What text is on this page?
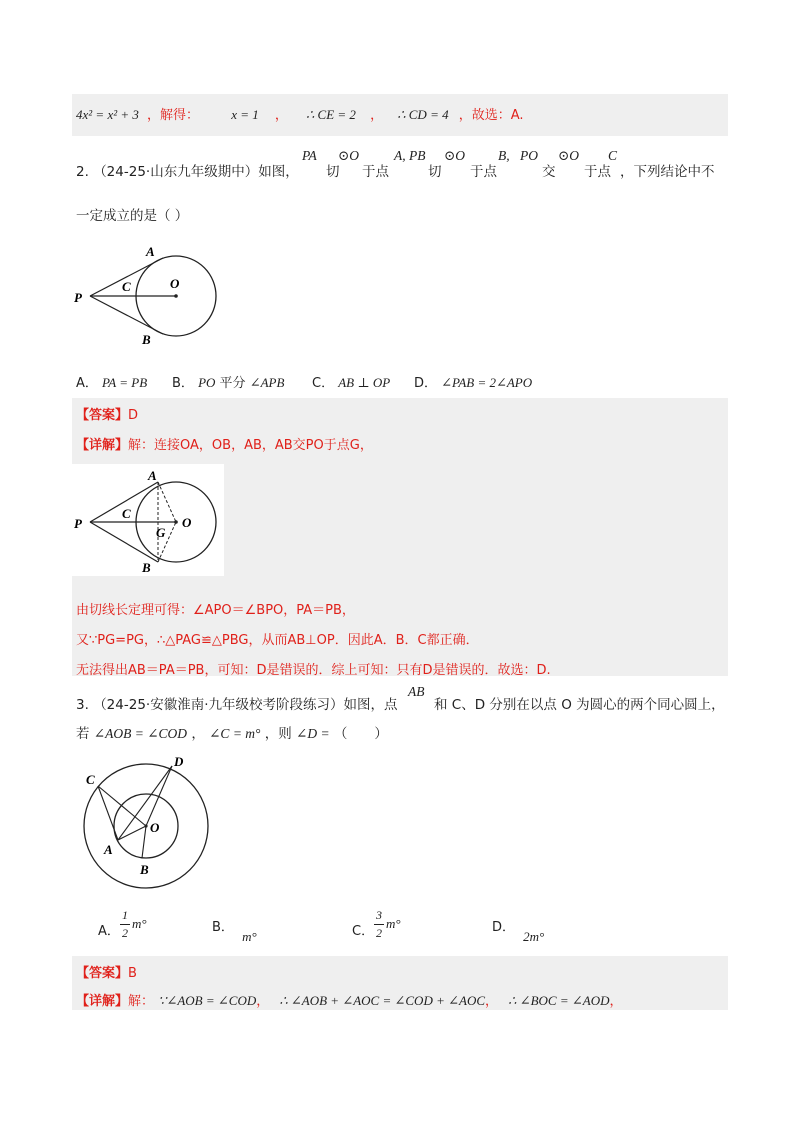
4x² = x² + 3 ，解得： x = 1 ， ∴ CE = 2 ， ∴ CD = 4 ，故选：A.
2. （24-25·山东九年级期中）如图，
PA
切
⊙O
于点
A, PB
切
⊙O
于点
B, PO
交
⊙O
于点
C
，下列结论中不
一定成立的是（ ）
A
B
C	O
P
A． PA = PB B． PO 平分 ∠APB C． AB ⊥ OP D． ∠PAB = 2∠APO
【答案】D
【详解】解：连接OA，OB，AB，AB交PO于点G，
A
B
C
G
O
P
由切线长定理可得：∠APO＝∠BPO，PA＝PB，
又∵PG=PG，∴△PAG≌△PBG，从而AB⊥OP．因此A．B．C都正确．
无法得出AB＝PA＝PB，可知：D是错误的．综上可知：只有D是错误的．故选：D.
3. （24-25·安徽淮南·九年级校考阶段练习）如图，点
AB
和 C、D 分别在以点 O 为圆心的两个同心圆上，
若 ∠AOB = ∠COD ， ∠C = m° ，则 ∠D = （　　）
C
D
O
A
B
A．
1
2
m°	B． m°	C．
3
2
m°	D． 2m°
【答案】B
【详解】解： ∵∠AOB = ∠COD， ∴ ∠AOB + ∠AOC = ∠COD + ∠AOC， ∴ ∠BOC = ∠AOD，
